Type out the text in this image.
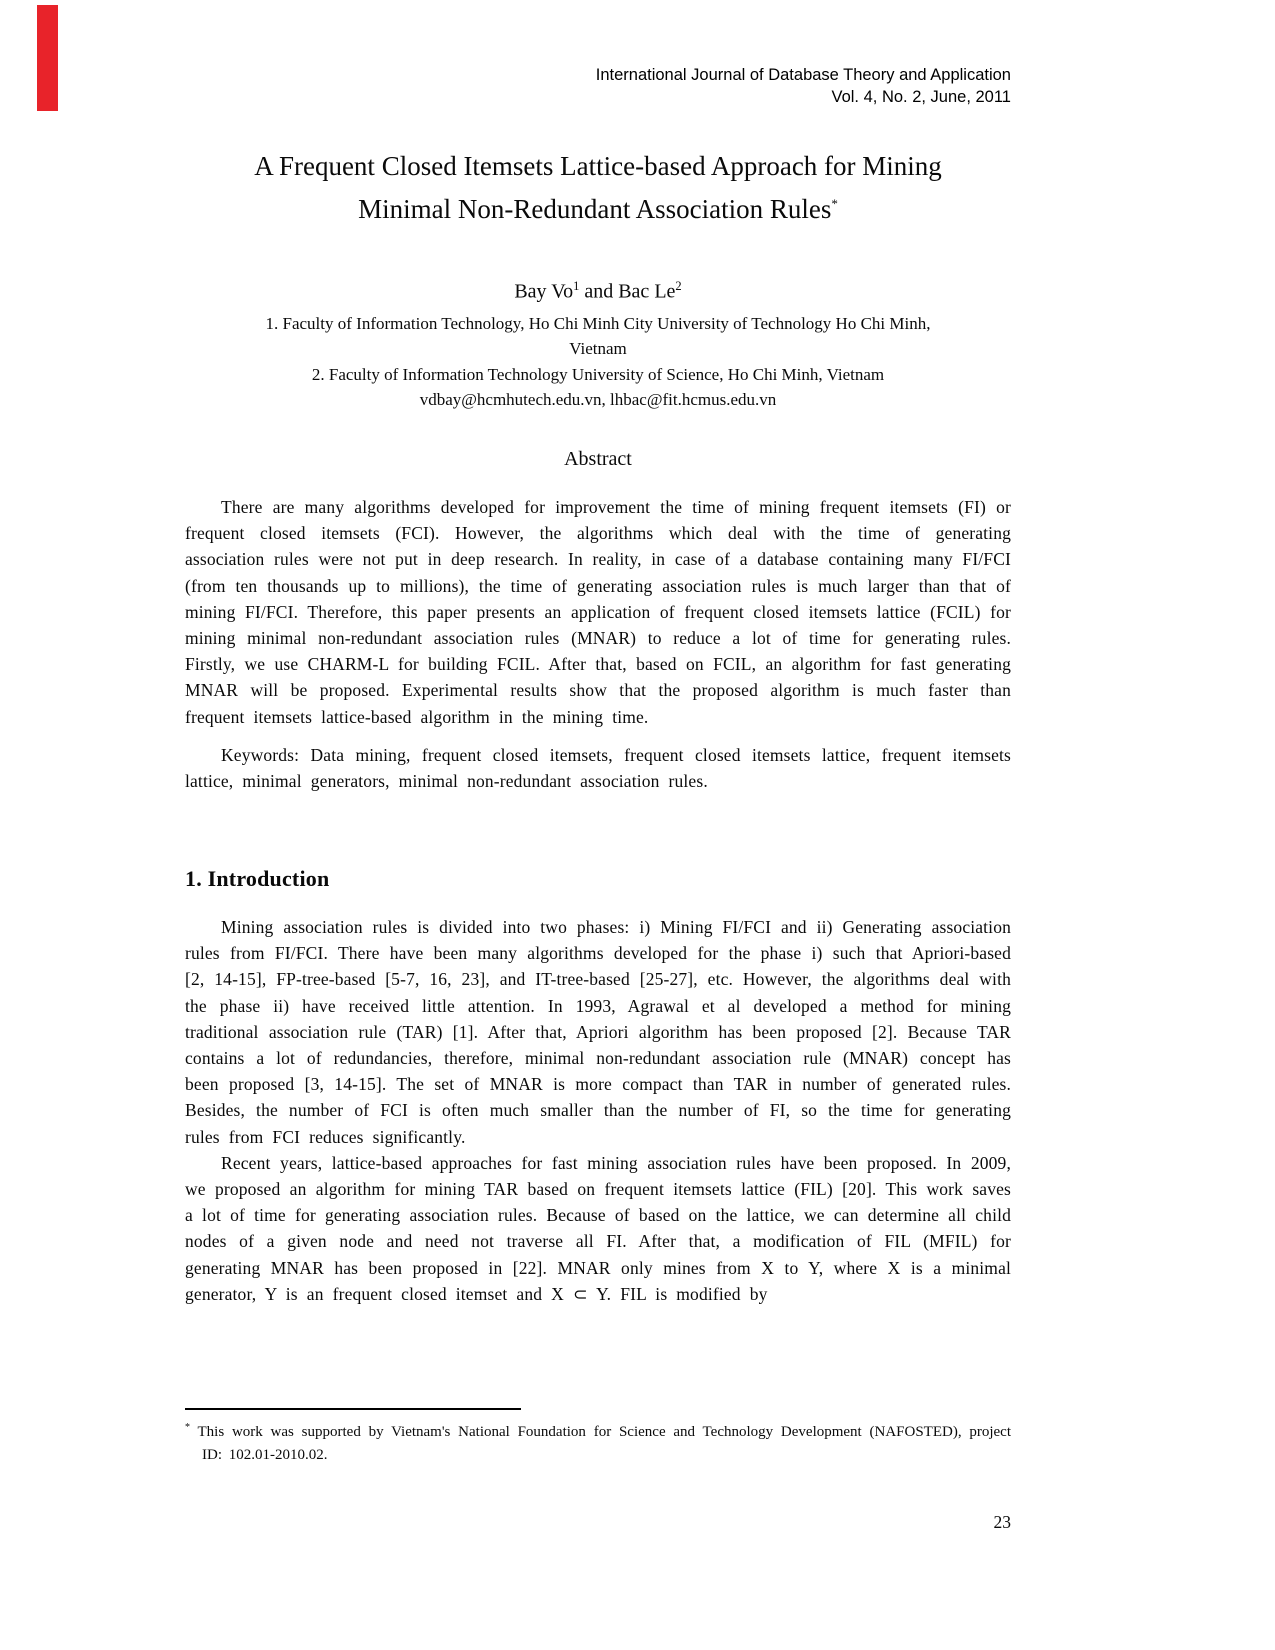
International Journal of Database Theory and Application
Vol. 4, No. 2, June, 2011
A Frequent Closed Itemsets Lattice-based Approach for Mining
Minimal Non-Redundant Association Rules*
Bay Vo$^1$ and Bac Le$^2$
1. Faculty of Information Technology, Ho Chi Minh City University of Technology Ho Chi Minh,
Vietnam
2. Faculty of Information Technology University of Science, Ho Chi Minh, Vietnam
vdbay@hcmhutech.edu.vn, lhbac@fit.hcmus.edu.vn
Abstract

There are many algorithms developed for improvement the time of mining frequent itemsets (FI) or frequent closed itemsets (FCI). However, the algorithms which deal with the time of generating association rules were not put in deep research. In reality, in case of a database containing many FI/FCI (from ten thousands up to millions), the time of generating association rules is much larger than that of mining FI/FCI. Therefore, this paper presents an application of frequent closed itemsets lattice (FCIL) for mining minimal non-redundant association rules (MNAR) to reduce a lot of time for generating rules. Firstly, we use CHARM-L for building FCIL. After that, based on FCIL, an algorithm for fast generating MNAR will be proposed. Experimental results show that the proposed algorithm is much faster than frequent itemsets lattice-based algorithm in the mining time.

Keywords: Data mining, frequent closed itemsets, frequent closed itemsets lattice, frequent itemsets lattice, minimal generators, minimal non-redundant association rules.

1. Introduction

Mining association rules is divided into two phases: i) Mining FI/FCI and ii) Generating association rules from FI/FCI. There have been many algorithms developed for the phase i) such that Apriori-based [2, 14-15], FP-tree-based [5-7, 16, 23], and IT-tree-based [25-27], etc. However, the algorithms deal with the phase ii) have received little attention. In 1993, Agrawal et al developed a method for mining traditional association rule (TAR) [1]. After that, Apriori algorithm has been proposed [2]. Because TAR contains a lot of redundancies, therefore, minimal non-redundant association rule (MNAR) concept has been proposed [3, 14-15]. The set of MNAR is more compact than TAR in number of generated rules. Besides, the number of FCI is often much smaller than the number of FI, so the time for generating rules from FCI reduces significantly.

Recent years, lattice-based approaches for fast mining association rules have been proposed. In 2009, we proposed an algorithm for mining TAR based on frequent itemsets lattice (FIL) [20]. This work saves a lot of time for generating association rules. Because of based on the lattice, we can determine all child nodes of a given node and need not traverse all FI. After that, a modification of FIL (MFIL) for generating MNAR has been proposed in [22]. MNAR only mines from X to Y, where X is a minimal generator, Y is an frequent closed itemset and X ⊂ Y. FIL is modified by

* This work was supported by Vietnam's National Foundation for Science and Technology Development (NAFOSTED), project ID: 102.01-2010.02.
23
